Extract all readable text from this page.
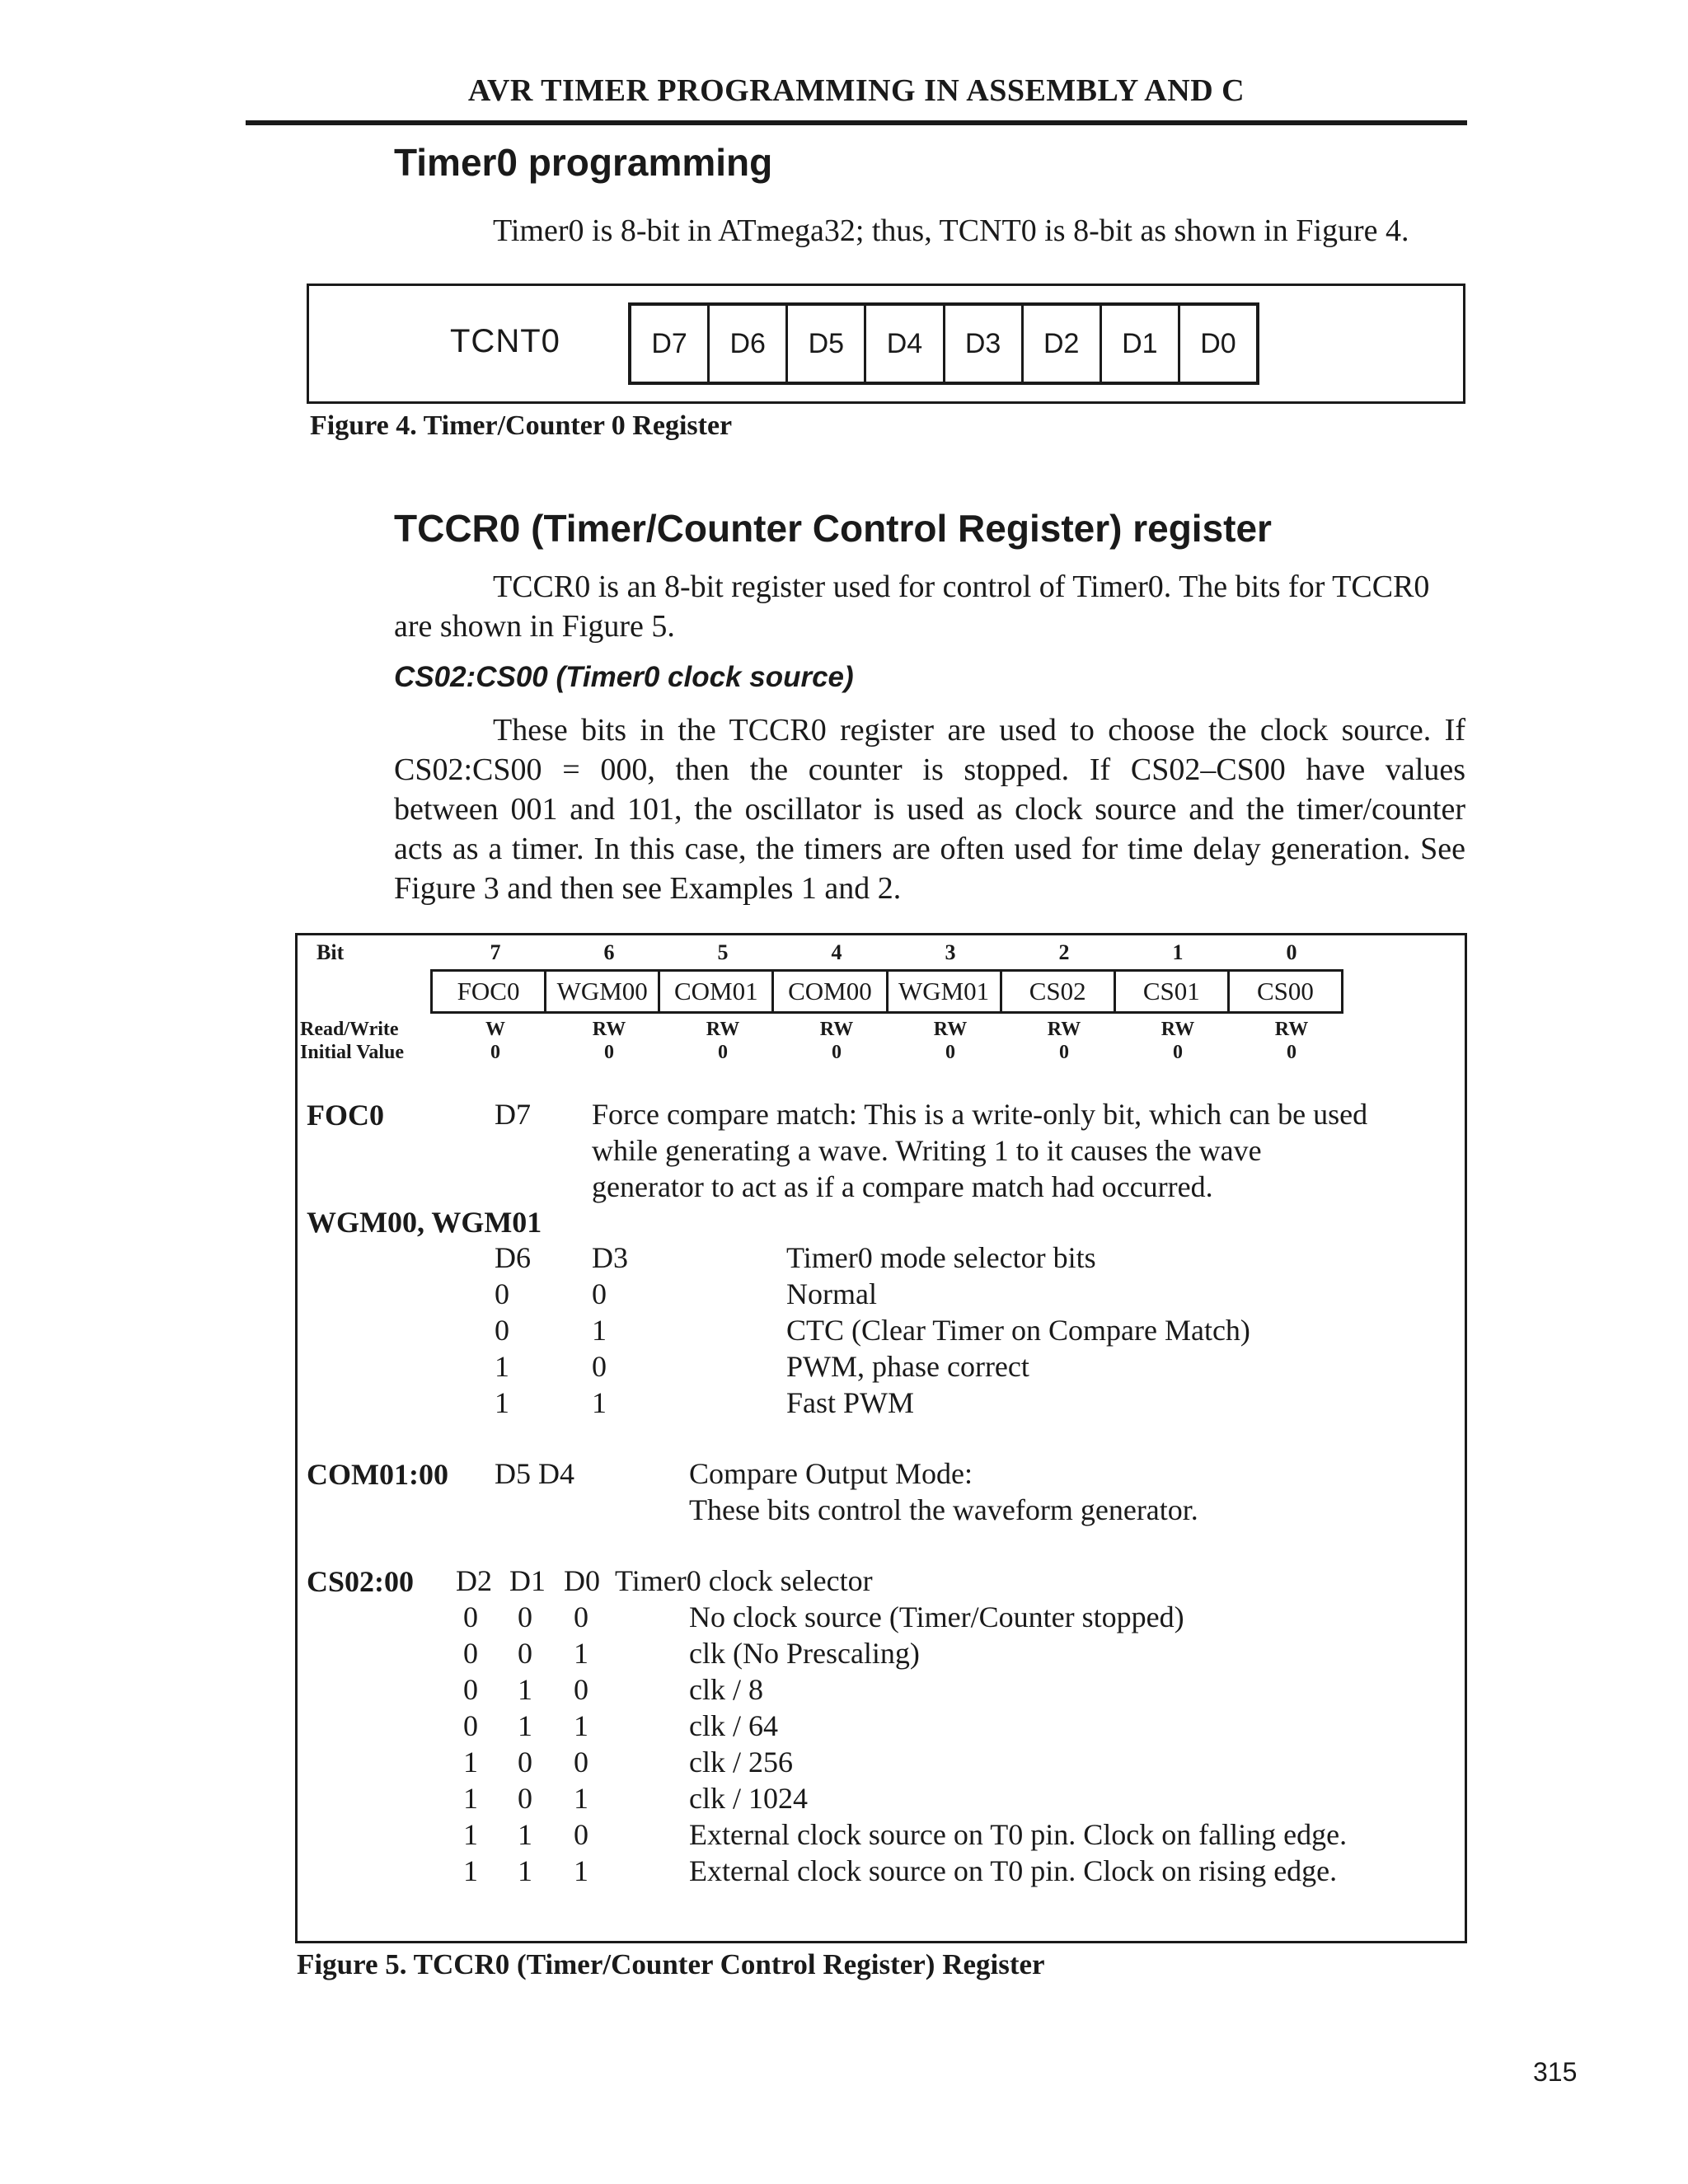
AVR TIMER PROGRAMMING IN ASSEMBLY AND C
Timer0 programming
Timer0 is 8-bit in ATmega32; thus, TCNT0 is 8-bit as shown in Figure 4.
TCNT0	D7	D6	D5	D4	D3	D2	D1	D0
Figure 4. Timer/Counter 0 Register
TCCR0 (Timer/Counter Control Register) register
TCCR0 is an 8-bit register used for control of Timer0. The bits for TCCR0
are shown in Figure 5.
CS02:CS00 (Timer0 clock source)
These bits in the TCCR0 register are used to choose the clock source. If
CS02:CS00 = 000, then the counter is stopped. If CS02–CS00 have values
between 001 and 101, the oscillator is used as clock source and the timer/counter
acts as a timer. In this case, the timers are often used for time delay generation. See
Figure 3 and then see Examples 1 and 2.
Bit	7	6	5	4	3	2	1	0
FOC0	WGM00	COM01	COM00	WGM01	CS02	CS01	CS00
Read/Write	W	RW	RW	RW	RW	RW	RW	RW
Initial Value	0	0	0	0	0	0	0	0
FOC0	D7 Force compare match: This is a write-only bit, which can be used
while generating a wave. Writing 1 to it causes the wave
generator to act as if a compare match had occurred.
WGM00, WGM01
D6 D3	Timer0 mode selector bits
0	0	Normal
0	1	CTC (Clear Timer on Compare Match)
1	0	PWM, phase correct
1	1	Fast PWM
COM01:00 D5 D4	Compare Output Mode:
These bits control the waveform generator.
CS02:00 D2 D1 D0 Timer0 clock selector
0 0 0	No clock source (Timer/Counter stopped)
0 0 1	clk (No Prescaling)
0 1 0	clk / 8
0 1 1	clk / 64
1 0 0	clk / 256
1 0 1	clk / 1024
1 1 0	External clock source on T0 pin. Clock on falling edge.
1 1 1	External clock source on T0 pin. Clock on rising edge.
Figure 5. TCCR0 (Timer/Counter Control Register) Register
315
